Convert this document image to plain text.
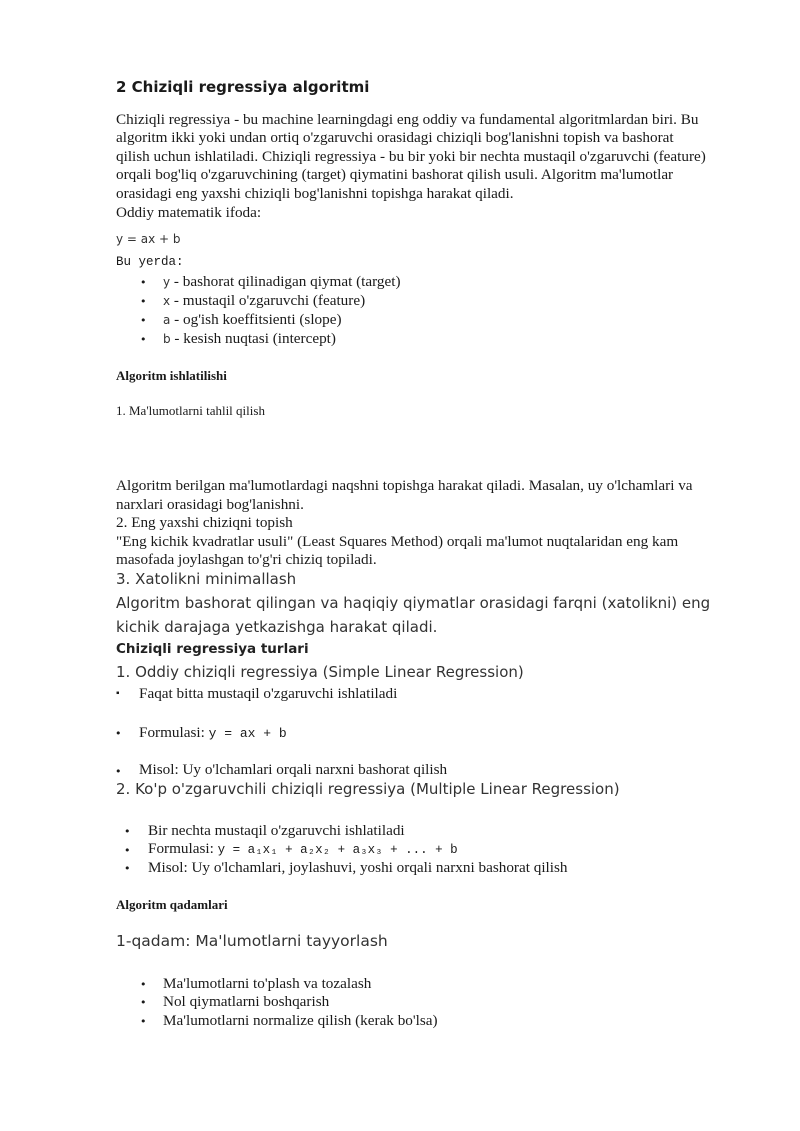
2 Chiziqli regressiya algoritmi
Chiziqli regressiya - bu machine learningdagi eng oddiy va fundamental algoritmlardan biri. Bu
algoritm ikki yoki undan ortiq o'zgaruvchi orasidagi chiziqli bog'lanishni topish va bashorat
qilish uchun ishlatiladi. Chiziqli regressiya - bu bir yoki bir nechta mustaqil o'zgaruvchi (feature)
orqali bog'liq o'zgaruvchining (target) qiymatini bashorat qilish usuli. Algoritm ma'lumotlar
orasidagi eng yaxshi chiziqli bog'lanishni topishga harakat qiladi.
Oddiy matematik ifoda:
y = ax + b
Bu yerda:
• y - bashorat qilinadigan qiymat (target)
• x - mustaqil o'zgaruvchi (feature)
• a - og'ish koeffitsienti (slope)
• b - kesish nuqtasi (intercept)
Algoritm ishlatilishi
1. Ma'lumotlarni tahlil qilish
Algoritm berilgan ma'lumotlardagi naqshni topishga harakat qiladi. Masalan, uy o'lchamlari va
narxlari orasidagi bog'lanishni.
2. Eng yaxshi chiziqni topish
"Eng kichik kvadratlar usuli" (Least Squares Method) orqali ma'lumot nuqtalaridan eng kam
masofada joylashgan to'g'ri chiziq topiladi.
3. Xatolikni minimallash
Algoritm bashorat qilingan va haqiqiy qiymatlar orasidagi farqni (xatolikni) eng
kichik darajaga yetkazishga harakat qiladi.
Chiziqli regressiya turlari
1. Oddiy chiziqli regressiya (Simple Linear Regression)
▪ Faqat bitta mustaqil o'zgaruvchi ishlatiladi
• Formulasi: y = ax + b
• Misol: Uy o'lchamlari orqali narxni bashorat qilish
2. Ko'p o'zgaruvchili chiziqli regressiya (Multiple Linear Regression)
• Bir nechta mustaqil o'zgaruvchi ishlatiladi
• Formulasi: y = a₁x₁ + a₂x₂ + a₃x₃ + ... + b
• Misol: Uy o'lchamlari, joylashuvi, yoshi orqali narxni bashorat qilish
Algoritm qadamlari
1-qadam: Ma'lumotlarni tayyorlash
• Ma'lumotlarni to'plash va tozalash
• Nol qiymatlarni boshqarish
• Ma'lumotlarni normalize qilish (kerak bo'lsa)
